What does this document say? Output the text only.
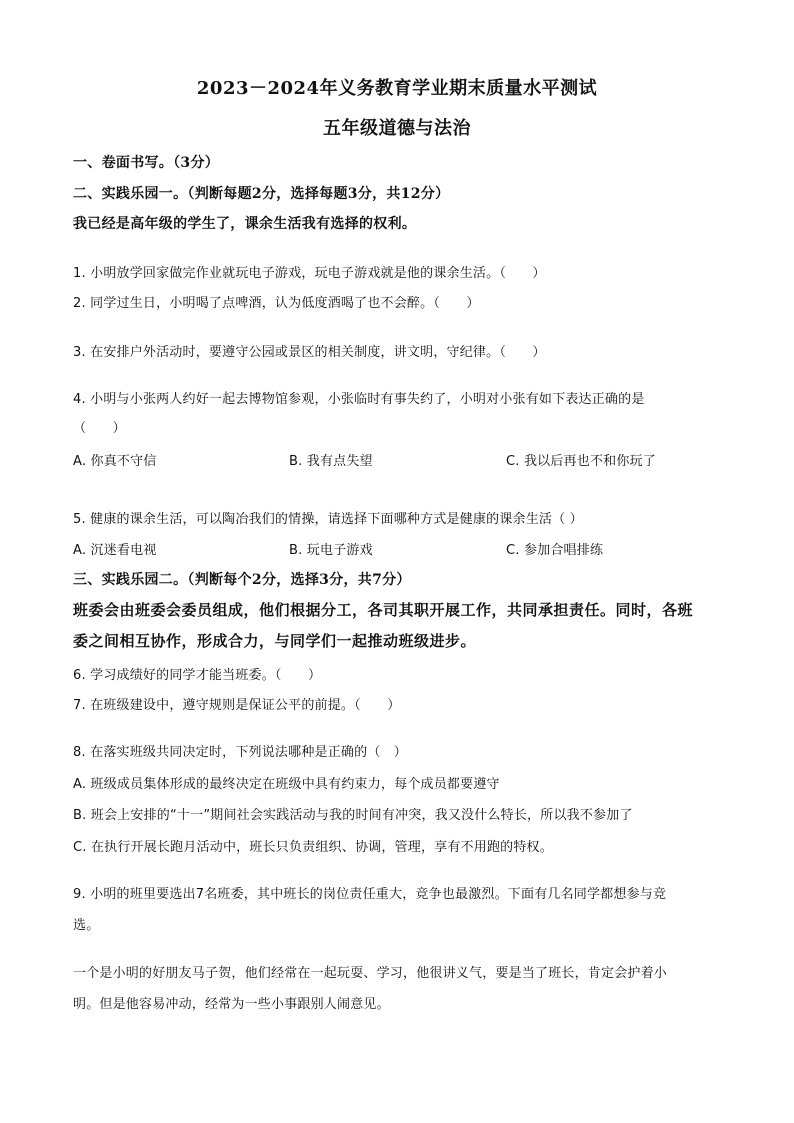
2023－2024年义务教育学业期末质量水平测试
五年级道德与法治
一、卷面书写。（3分）
二、实践乐园一。（判断每题2分，选择每题3分，共12分）
我已经是高年级的学生了，课余生活我有选择的权利。
1. 小明放学回家做完作业就玩电子游戏，玩电子游戏就是他的课余生活。（　　）
2. 同学过生日，小明喝了点啤酒，认为低度酒喝了也不会醉。（　　）
3. 在安排户外活动时，要遵守公园或景区的相关制度，讲文明，守纪律。（　　）
4. 小明与小张两人约好一起去博物馆参观，小张临时有事失约了，小明对小张有如下表达正确的是
（　　）
A. 你真不守信	B. 我有点失望	C. 我以后再也不和你玩了
5. 健康的课余生活，可以陶冶我们的情操，请选择下面哪种方式是健康的课余生活（ ）
A. 沉迷看电视	B. 玩电子游戏	C. 参加合唱排练
三、实践乐园二。（判断每个2分，选择3分，共7分）
班委会由班委会委员组成，他们根据分工，各司其职开展工作，共同承担责任。同时，各班
委之间相互协作，形成合力，与同学们一起推动班级进步。
6. 学习成绩好的同学才能当班委。（　　）
7. 在班级建设中，遵守规则是保证公平的前提。（　　）
8. 在落实班级共同决定时，下列说法哪种是正确的（　）
A. 班级成员集体形成的最终决定在班级中具有约束力，每个成员都要遵守
B. 班会上安排的“十一”期间社会实践活动与我的时间有冲突，我又没什么特长，所以我不参加了
C. 在执行开展长跑月活动中，班长只负责组织、协调，管理，享有不用跑的特权。
9. 小明的班里要选出7名班委，其中班长的岗位责任重大，竞争也最激烈。下面有几名同学都想参与竞
选。
一个是小明的好朋友马子贺，他们经常在一起玩耍、学习，他很讲义气，要是当了班长，肯定会护着小
明。但是他容易冲动，经常为一些小事跟别人闹意见。
